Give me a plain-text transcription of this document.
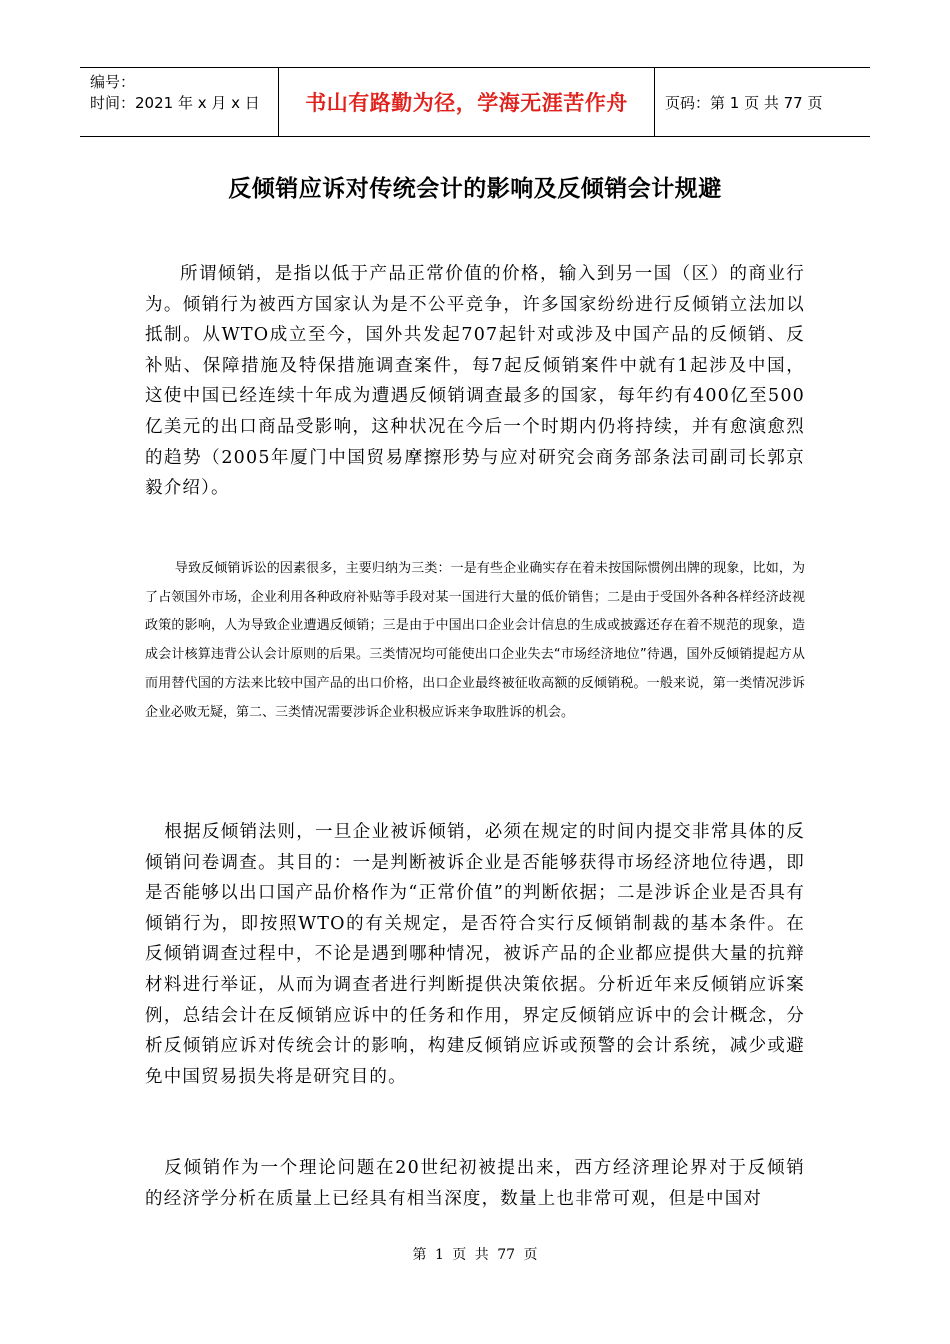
编号：
时间：2021 年 x 月 x 日	书山有路勤为径，学海无涯苦作舟	页码：第 1 页 共 77 页
反倾销应诉对传统会计的影响及反倾销会计规避
所谓倾销，是指以低于产品正常价值的价格，输入到另一国（区）的商业行为。倾销行为被西方国家认为是不公平竞争，许多国家纷纷进行反倾销立法加以抵制。从WTO成立至今，国外共发起707起针对或涉及中国产品的反倾销、反补贴、保障措施及特保措施调查案件，每7起反倾销案件中就有1起涉及中国，这使中国已经连续十年成为遭遇反倾销调查最多的国家，每年约有400亿至500亿美元的出口商品受影响，这种状况在今后一个时期内仍将持续，并有愈演愈烈的趋势（2005年厦门中国贸易摩擦形势与应对研究会商务部条法司副司长郭京毅介绍）。
导致反倾销诉讼的因素很多，主要归纳为三类：一是有些企业确实存在着未按国际惯例出牌的现象，比如，为了占领国外市场，企业利用各种政府补贴等手段对某一国进行大量的低价销售；二是由于受国外各种各样经济歧视政策的影响，人为导致企业遭遇反倾销；三是由于中国出口企业会计信息的生成或披露还存在着不规范的现象，造成会计核算违背公认会计原则的后果。三类情况均可能使出口企业失去“市场经济地位”待遇，国外反倾销提起方从而用替代国的方法来比较中国产品的出口价格，出口企业最终被征收高额的反倾销税。一般来说，第一类情况涉诉企业必败无疑，第二、三类情况需要涉诉企业积极应诉来争取胜诉的机会。
根据反倾销法则，一旦企业被诉倾销，必须在规定的时间内提交非常具体的反倾销问卷调查。其目的：一是判断被诉企业是否能够获得市场经济地位待遇，即是否能够以出口国产品价格作为“正常价值”的判断依据；二是涉诉企业是否具有倾销行为，即按照WTO的有关规定，是否符合实行反倾销制裁的基本条件。在反倾销调查过程中，不论是遇到哪种情况，被诉产品的企业都应提供大量的抗辩材料进行举证，从而为调查者进行判断提供决策依据。分析近年来反倾销应诉案例，总结会计在反倾销应诉中的任务和作用，界定反倾销应诉中的会计概念，分析反倾销应诉对传统会计的影响，构建反倾销应诉或预警的会计系统，减少或避免中国贸易损失将是研究目的。
反倾销作为一个理论问题在20世纪初被提出来，西方经济理论界对于反倾销的经济学分析在质量上已经具有相当深度，数量上也非常可观，但是中国对
第 1 页 共 77 页
